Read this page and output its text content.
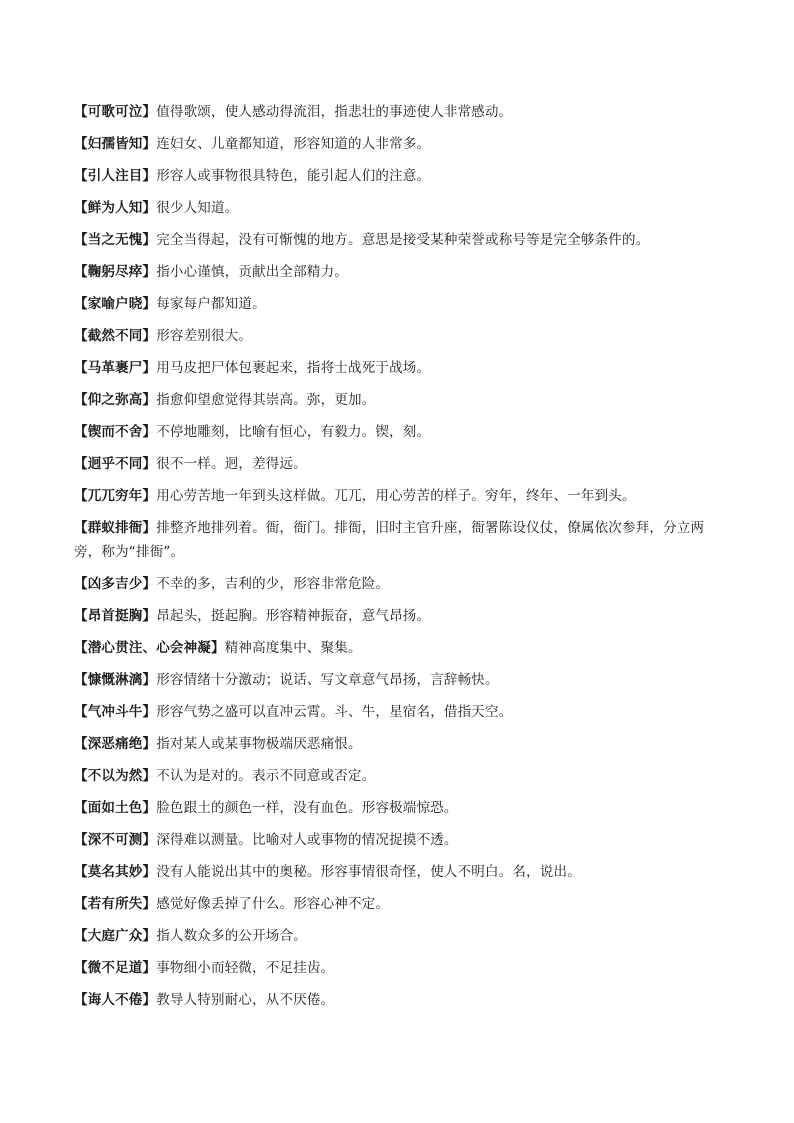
【可歌可泣】值得歌颂，使人感动得流泪，指悲壮的事迹使人非常感动。

【妇孺皆知】连妇女、儿童都知道，形容知道的人非常多。

【引人注目】形容人或事物很具特色，能引起人们的注意。

【鲜为人知】很少人知道。

【当之无愧】完全当得起，没有可惭愧的地方。意思是接受某种荣誉或称号等是完全够条件的。

【鞠躬尽瘁】指小心谨慎，贡献出全部精力。

【家喻户晓】每家每户都知道。

【截然不同】形容差别很大。

【马革裹尸】用马皮把尸体包裹起来，指将士战死于战场。

【仰之弥高】指愈仰望愈觉得其崇高。弥，更加。

【锲而不舍】不停地雕刻，比喻有恒心，有毅力。锲，刻。

【迥乎不同】很不一样。迥，差得远。

【兀兀穷年】用心劳苦地一年到头这样做。兀兀，用心劳苦的样子。穷年，终年、一年到头。

【群蚁排衙】排整齐地排列着。衙，衙门。排衙，旧时主官升座，衙署陈设仪仗，僚属依次参拜，分立两旁，称为“排衙”。

【凶多吉少】不幸的多，吉利的少，形容非常危险。

【昂首挺胸】昂起头，挺起胸。形容精神振奋，意气昂扬。

【潜心贯注、心会神凝】精神高度集中、聚集。

【慷慨淋漓】形容情绪十分激动；说话、写文章意气昂扬，言辞畅快。

【气冲斗牛】形容气势之盛可以直冲云霄。斗、牛，星宿名，借指天空。

【深恶痛绝】指对某人或某事物极端厌恶痛恨。

【不以为然】不认为是对的。表示不同意或否定。

【面如土色】脸色跟土的颜色一样，没有血色。形容极端惊恐。

【深不可测】深得难以测量。比喻对人或事物的情况捉摸不透。

【莫名其妙】没有人能说出其中的奥秘。形容事情很奇怪，使人不明白。名，说出。

【若有所失】感觉好像丢掉了什么。形容心神不定。

【大庭广众】指人数众多的公开场合。

【微不足道】事物细小而轻微，不足挂齿。

【诲人不倦】教导人特别耐心，从不厌倦。
